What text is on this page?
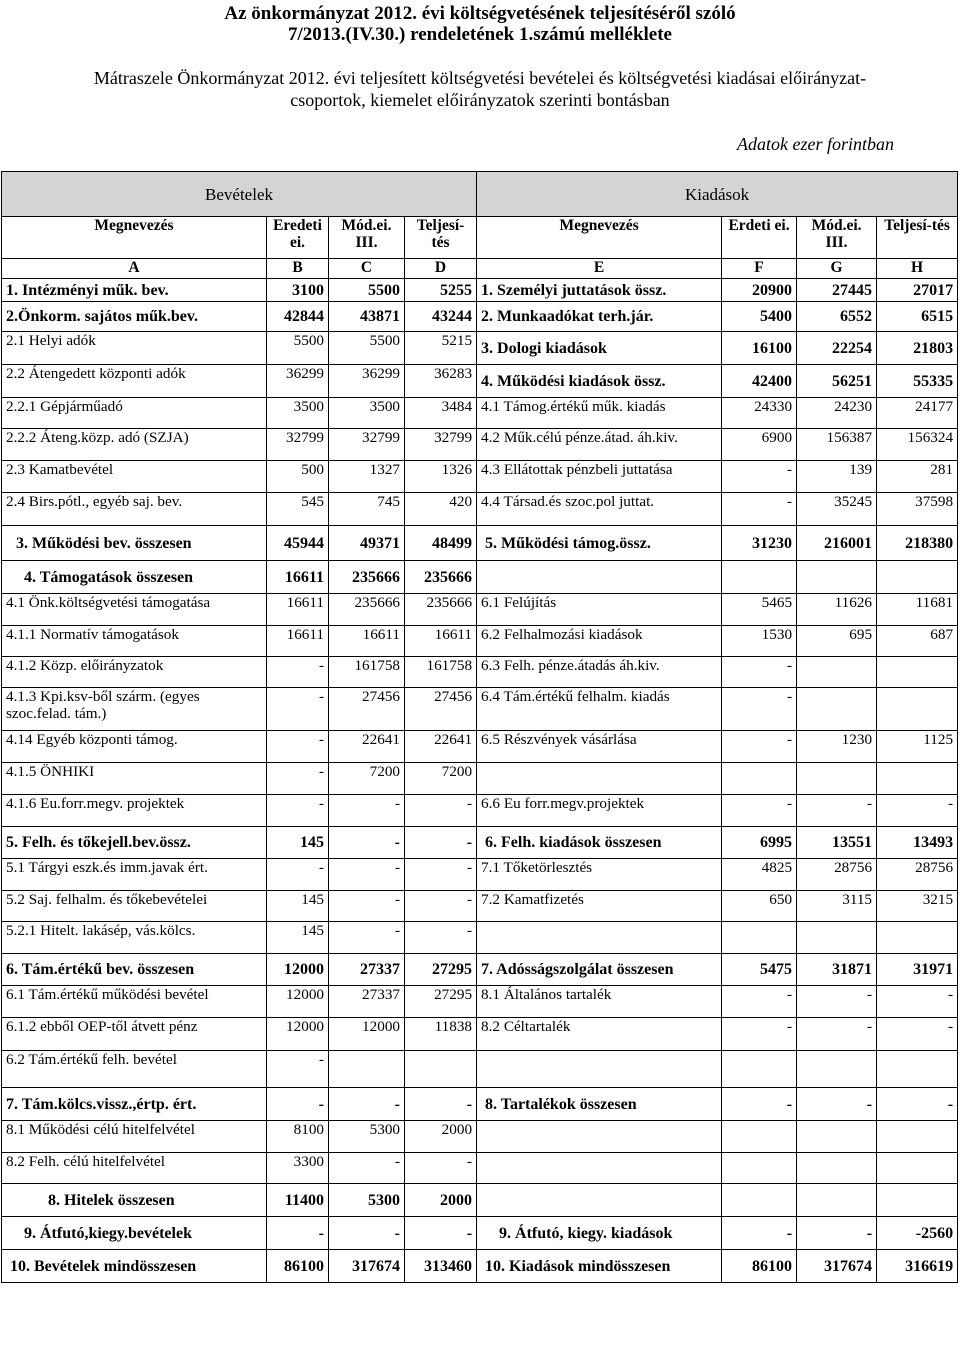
Az önkormányzat 2012. évi költségvetésének teljesítéséről szóló
7/2013.(IV.30.) rendeletének 1.számú melléklete
Mátraszele Önkormányzat 2012. évi teljesített költségvetési bevételei és költségvetési kiadásai előirányzat-
csoportok, kiemelet előirányzatok szerinti bontásban
Adatok ezer forintban
Bevételek				Kiadások			
Megnevezés	Eredeti ei.	Mód.ei. III.	Teljesí-tés	Megnevezés	Erdeti ei.	Mód.ei. III.	Teljesí-tés
A	B	C	D	E	F	G	H
1. Intézményi műk. bev.	3100	5500	5255	1. Személyi juttatások össz.	20900	27445	27017
2.Önkorm. sajátos műk.bev.	42844	43871	43244	2. Munkaadókat terh.jár.	5400	6552	6515
2.1 Helyi adók	5500	5500	5215	3. Dologi kiadások	16100	22254	21803
2.2 Átengedett központi adók	36299	36299	36283	4. Működési kiadások össz.	42400	56251	55335
2.2.1 Gépjárműadó	3500	3500	3484	4.1 Támog.értékű műk. kiadás	24330	24230	24177
2.2.2 Áteng.közp. adó (SZJA)	32799	32799	32799	4.2 Műk.célú pénze.átad. áh.kiv.	6900	156387	156324
2.3 Kamatbevétel	500	1327	1326	4.3 Ellátottak pénzbeli juttatása	-	139	281
2.4 Birs.pótl., egyéb saj. bev.	545	745	420	4.4 Társad.és szoc.pol juttat.	-	35245	37598
3. Működési bev. összesen	45944	49371	48499	5. Működési támog.össz.	31230	216001	218380
4. Támogatások összesen	16611	235666	235666				
4.1 Önk.költségvetési támogatása	16611	235666	235666	6.1 Felújítás	5465	11626	11681
4.1.1 Normatív támogatások	16611	16611	16611	6.2 Felhalmozási kiadások	1530	695	687
4.1.2 Közp. előirányzatok	-	161758	161758	6.3 Felh. pénze.átadás áh.kiv.	-		
4.1.3 Kpi.ksv-ből szárm. (egyes szoc.felad. tám.)	-	27456	27456	6.4 Tám.értékű felhalm. kiadás	-		
4.14 Egyéb központi támog.	-	22641	22641	6.5 Részvények vásárlása	-	1230	1125
4.1.5 ÖNHIKI	-	7200	7200				
4.1.6 Eu.forr.megv. projektek	-	-	-	6.6 Eu forr.megv.projektek	-	-	-
5. Felh. és tőkejell.bev.össz.	145	-	-	6. Felh. kiadások összesen	6995	13551	13493
5.1 Tárgyi eszk.és imm.javak ért.	-	-	-	7.1 Tőketörlesztés	4825	28756	28756
5.2 Saj. felhalm. és tőkebevételei	145	-	-	7.2 Kamatfizetés	650	3115	3215
5.2.1 Hitelt. lakásép, vás.kölcs.	145	-	-				
6. Tám.értékű bev. összesen	12000	27337	27295	7. Adósságszolgálat összesen	5475	31871	31971
6.1 Tám.értékű működési bevétel	12000	27337	27295	8.1 Általános tartalék	-	-	-
6.1.2 ebből OEP-től átvett pénz	12000	12000	11838	8.2 Céltartalék	-	-	-
6.2 Tám.értékű felh. bevétel	-						
7. Tám.kölcs.vissz.,értp. ért.	-	-	-	8. Tartalékok összesen	-	-	-
8.1 Működési célú hitelfelvétel	8100	5300	2000				
8.2 Felh. célú hitelfelvétel	3300	-	-				
8. Hitelek összesen	11400	5300	2000				
9. Átfutó,kiegy.bevételek	-	-	-	9. Átfutó, kiegy. kiadások	-	-	-2560
10. Bevételek mindösszesen	86100	317674	313460	10. Kiadások mindösszesen	86100	317674	316619
